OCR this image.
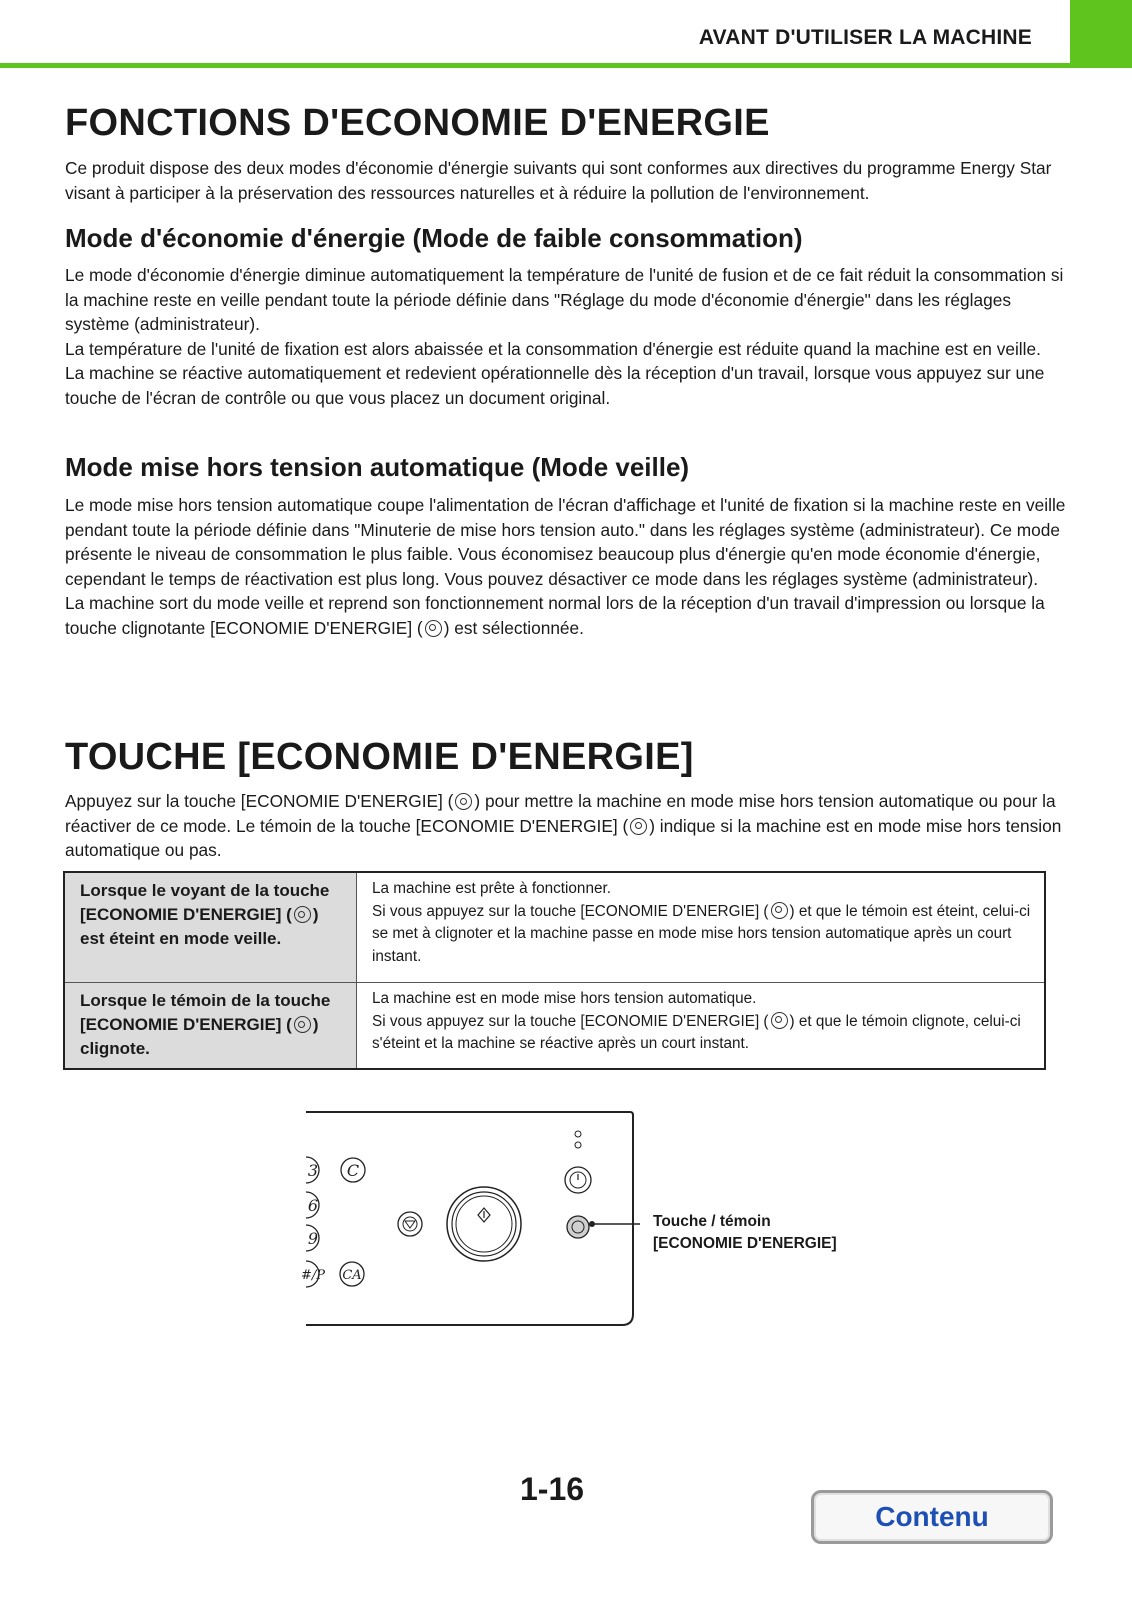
AVANT D'UTILISER LA MACHINE
FONCTIONS D'ECONOMIE D'ENERGIE

Ce produit dispose des deux modes d'économie d'énergie suivants qui sont conformes aux directives du programme Energy Star visant à participer à la préservation des ressources naturelles et à réduire la pollution de l'environnement.

Mode d'économie d'énergie (Mode de faible consommation)
Le mode d'économie d'énergie diminue automatiquement la température de l'unité de fusion et de ce fait réduit la consommation si la machine reste en veille pendant toute la période définie dans "Réglage du mode d'économie d'énergie" dans les réglages système (administrateur).
La température de l'unité de fixation est alors abaissée et la consommation d'énergie est réduite quand la machine est en veille.
La machine se réactive automatiquement et redevient opérationnelle dès la réception d'un travail, lorsque vous appuyez sur une touche de l'écran de contrôle ou que vous placez un document original.
Mode mise hors tension automatique (Mode veille)
Le mode mise hors tension automatique coupe l'alimentation de l'écran d'affichage et l'unité de fixation si la machine reste en veille pendant toute la période définie dans "Minuterie de mise hors tension auto." dans les réglages système (administrateur). Ce mode présente le niveau de consommation le plus faible. Vous économisez beaucoup plus d'énergie qu'en mode économie d'énergie, cependant le temps de réactivation est plus long. Vous pouvez désactiver ce mode dans les réglages système (administrateur).
La machine sort du mode veille et reprend son fonctionnement normal lors de la réception d'un travail d'impression ou lorsque la touche clignotante [ECONOMIE D'ENERGIE] ( ) est sélectionnée.
TOUCHE [ECONOMIE D'ENERGIE]
Appuyez sur la touche [ECONOMIE D'ENERGIE] ( ) pour mettre la machine en mode mise hors tension automatique ou pour la réactiver de ce mode. Le témoin de la touche [ECONOMIE D'ENERGIE] ( ) indique si la machine est en mode mise hors tension automatique ou pas.
Lorsque le voyant de la touche [ECONOMIE D'ENERGIE] ( ) est éteint en mode veille.	La machine est prête à fonctionner.
Si vous appuyez sur la touche [ECONOMIE D'ENERGIE] ( ) et que le témoin est éteint, celui-ci se met à clignoter et la machine passe en mode mise hors tension automatique après un court instant.

Lorsque le témoin de la touche [ECONOMIE D'ENERGIE] ( ) clignote.	La machine est en mode mise hors tension automatique.
Si vous appuyez sur la touche [ECONOMIE D'ENERGIE] ( ) et que le témoin clignote, celui-ci s'éteint et la machine se réactive après un court instant.
3 C
6
9
#/P CA
Touche / témoin
[ECONOMIE D'ENERGIE]
1-16
Contenu
